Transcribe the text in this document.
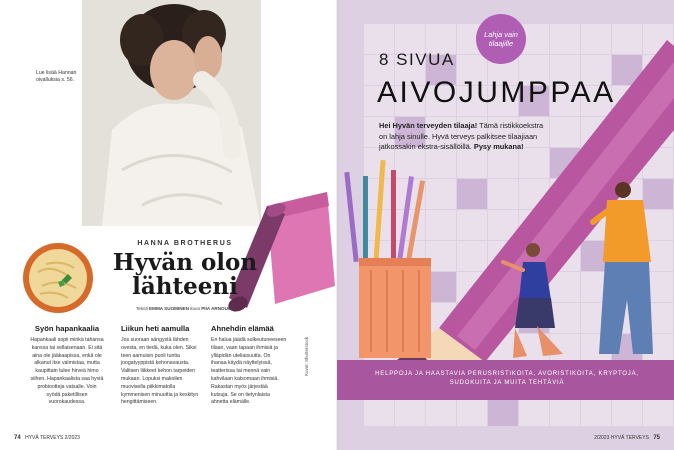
Lue lisää Hannan oivalluksia s. 56.
Kuvat: Shutterstock
HANNA BROTHERUS
Hyvän olon lähteeni
Teksti EMMA SUOMINEN kuva PIIA ARNOULD
Syön hapankaalia

Hapankaali sopii minkä tahansa kanssa tai sellaisenaan. Ei sitä aina ole jääkaapissa, enkä ole alkanut itse valmistaa, mutta kaupittain tulee hirveä himo siihen. Hapankaalista saa hyviä probiootteja vatsalle. Voin syödä paketillisen vuorokaudessa.

Liikun heti aamulla

Jos suoraan sängystä lähden ovesta, en tiedä, kuka olen. Siksi teen aamuisin puoli tuntia joogatyyppistä kehonavausta. Valitsen liikkeet kehon tarpeiden mukaan. Lopuksi makoilen muovisella piikkimatolla kymmenisen minuuttia ja keskityn hengittämiseen.

Ahnehdin elämää

En halua jäädä sulkeutuneeseen tilaan, vaan tapaan ihmisiä ja ylläpidän uteliaisuutta. On ihanaa käydä näyttelyissä, teatterissa tai mennä vain kahvilaan katsomaan ihmisiä. Rakastan myös järjestää kutsuja. Se on tietynlaista ahnetta elämälle.

74 HYVÄ TERVEYS 2/2023
Lahja vain tilaajille
8 SIVUA
AIVOJUMPPAA
Hei Hyvän terveyden tilaaja! Tämä ristikkoekstra on lahja sinulle. Hyvä terveys palkitsee tilaajiaan jatkossakin ekstra-sisällöillä. Pysy mukana!
HELPPOJA JA HAASTAVIA PERUSRISTIKOITA, AVORISTIKOITA, KRYPTOJA, SUDOKUITA JA MUITA TEHTÄVIÄ
2/2023 HYVÄ TERVEYS 75
